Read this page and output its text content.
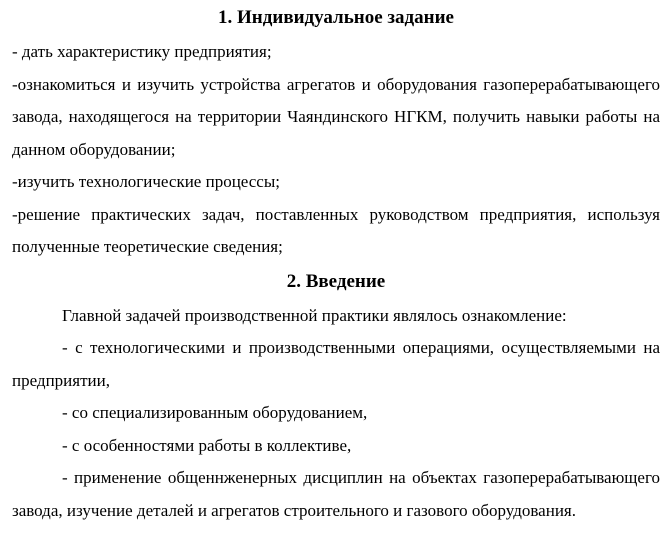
1. Индивидуальное задание

- дать характеристику предприятия;

-ознакомиться и изучить устройства агрегатов и оборудования газоперерабатывающего завода, находящегося на территории Чаяндинского НГКМ, получить навыки работы на данном оборудовании;

-изучить технологические процессы;

-решение практических задач, поставленных руководством предприятия, используя полученные теоретические сведения;

2. Введение

Главной задачей производственной практики являлось ознакомление:

- с технологическими и производственными операциями, осуществляемыми на предприятии,

- со специализированным оборудованием,

- с особенностями работы в коллективе,

- применение общеннженерных дисциплин на объектах газоперерабатывающего завода, изучение деталей и агрегатов строительного и газового оборудования.
